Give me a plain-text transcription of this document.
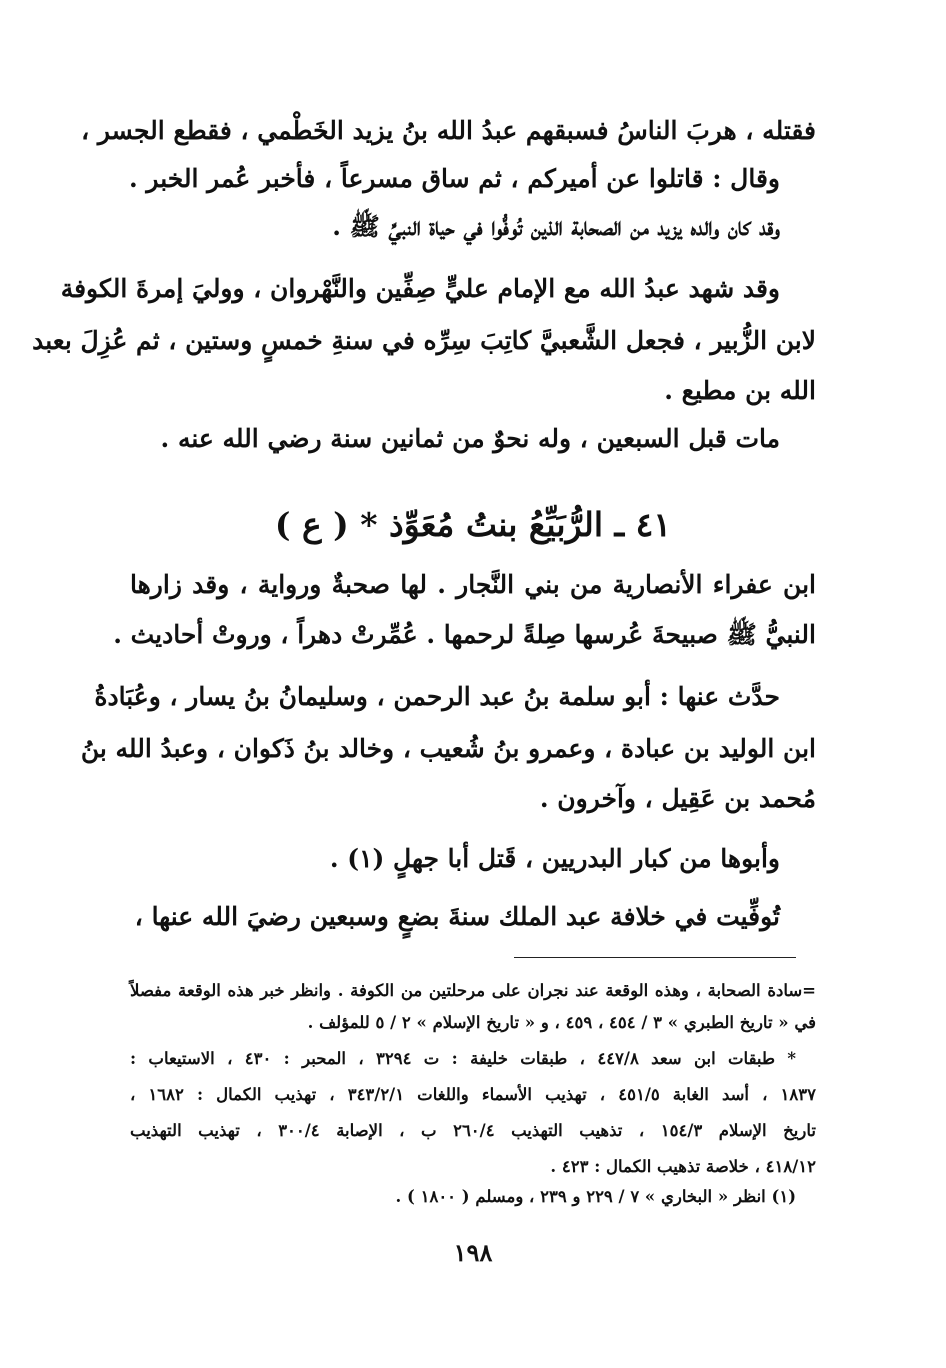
فقتله ، هربَ الناسُ فسبقهم عبدُ الله بنُ يزيد الخَطْمي ، فقطع الجسر ،
وقال : قاتلوا عن أميركم ، ثم ساق مسرعاً ، فأخبر عُمر الخبر .
وقد كان والده يزيد من الصحابة الذين تُوفُّوا في حياة النبيِّ ﷺ .
وقد شهد عبدُ الله مع الإمام عليٍّ صِفِّين والنَّهْروان ، ووليَ إمرةَ الكوفة
لابن الزُّبير ، فجعل الشَّعبيَّ كاتِبَ سِرِّه في سنةِ خمسٍ وستين ، ثم عُزِلَ بعبد
الله بن مطيع .
مات قبل السبعين ، وله نحوٌ من ثمانين سنة رضي الله عنه .
٤١ ـ الرُّبَيِّعُ بنتُ مُعَوِّذ * ( ع )
ابن عفراء الأنصارية من بني النَّجار . لها صحبةٌ ورواية ، وقد زارها
النبيُّ ﷺ صبيحةَ عُرسها صِلةً لرحمها . عُمِّرتْ دهراً ، وروتْ أحاديث .
حدَّث عنها : أبو سلمة بنُ عبد الرحمن ، وسليمانُ بنُ يسار ، وعُبَادةُ
ابن الوليد بن عبادة ، وعمرو بنُ شُعيب ، وخالد بنُ ذَكوان ، وعبدُ الله بنُ
مُحمد بن عَقِيل ، وآخرون .
وأبوها من كبار البدريين ، قَتل أبا جهلٍ (١) .
تُوفِّيت في خلافة عبد الملك سنةَ بضعٍ وسبعين رضيَ الله عنها ،
=سادة الصحابة ، وهذه الوقعة عند نجران على مرحلتين من الكوفة . وانظر خبر هذه الوقعة مفصلاً
في « تاريخ الطبري » ٣ / ٤٥٤ ، ٤٥٩ ، و « تاريخ الإسلام » ٢ / ٥ للمؤلف .
* طبقات ابن سعد ٤٤٧/٨ ، طبقات خليفة : ت ٣٢٩٤ ، المحبر : ٤٣٠ ، الاستيعاب :
١٨٣٧ ، أسد الغابة ٤٥١/٥ ، تهذيب الأسماء واللغات ٣٤٣/٢/١ ، تهذيب الكمال : ١٦٨٢ ،
تاريخ الإسلام ١٥٤/٣ ، تذهيب التهذيب ٢٦٠/٤ ب ، الإصابة ٣٠٠/٤ ، تهذيب التهذيب
٤١٨/١٢ ، خلاصة تذهيب الكمال : ٤٢٣ .
(١) انظر « البخاري » ٧ / ٢٢٩ و ٢٣٩ ، ومسلم ( ١٨٠٠ ) .
١٩٨
